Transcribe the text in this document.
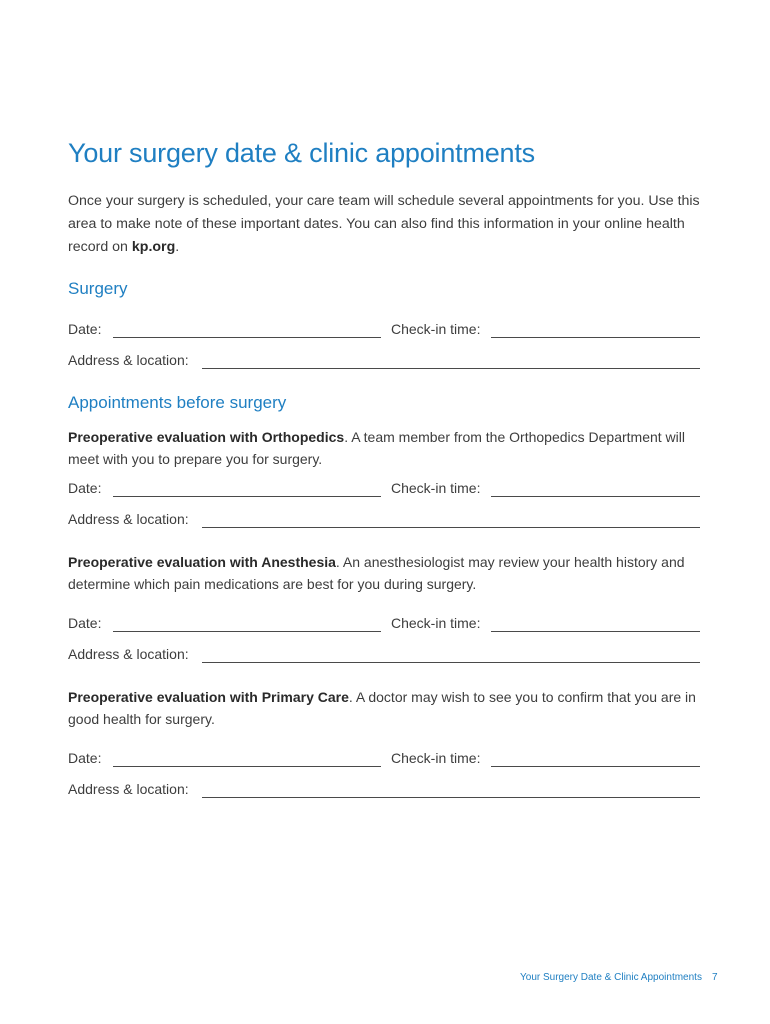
Your surgery date & clinic appointments
Once your surgery is scheduled, your care team will schedule several appointments for you. Use this area to make note of these important dates. You can also find this information in your online health record on kp.org.
Surgery
Date:	Check-in time:
Address & location:
Appointments before surgery
Preoperative evaluation with Orthopedics. A team member from the Orthopedics Department will meet with you to prepare you for surgery.
Date:	Check-in time:
Address & location:
Preoperative evaluation with Anesthesia. An anesthesiologist may review your health history and determine which pain medications are best for you during surgery.
Date:	Check-in time:
Address & location:
Preoperative evaluation with Primary Care. A doctor may wish to see you to confirm that you are in good health for surgery.
Date:	Check-in time:
Address & location:
Your Surgery Date & Clinic Appointments 7
